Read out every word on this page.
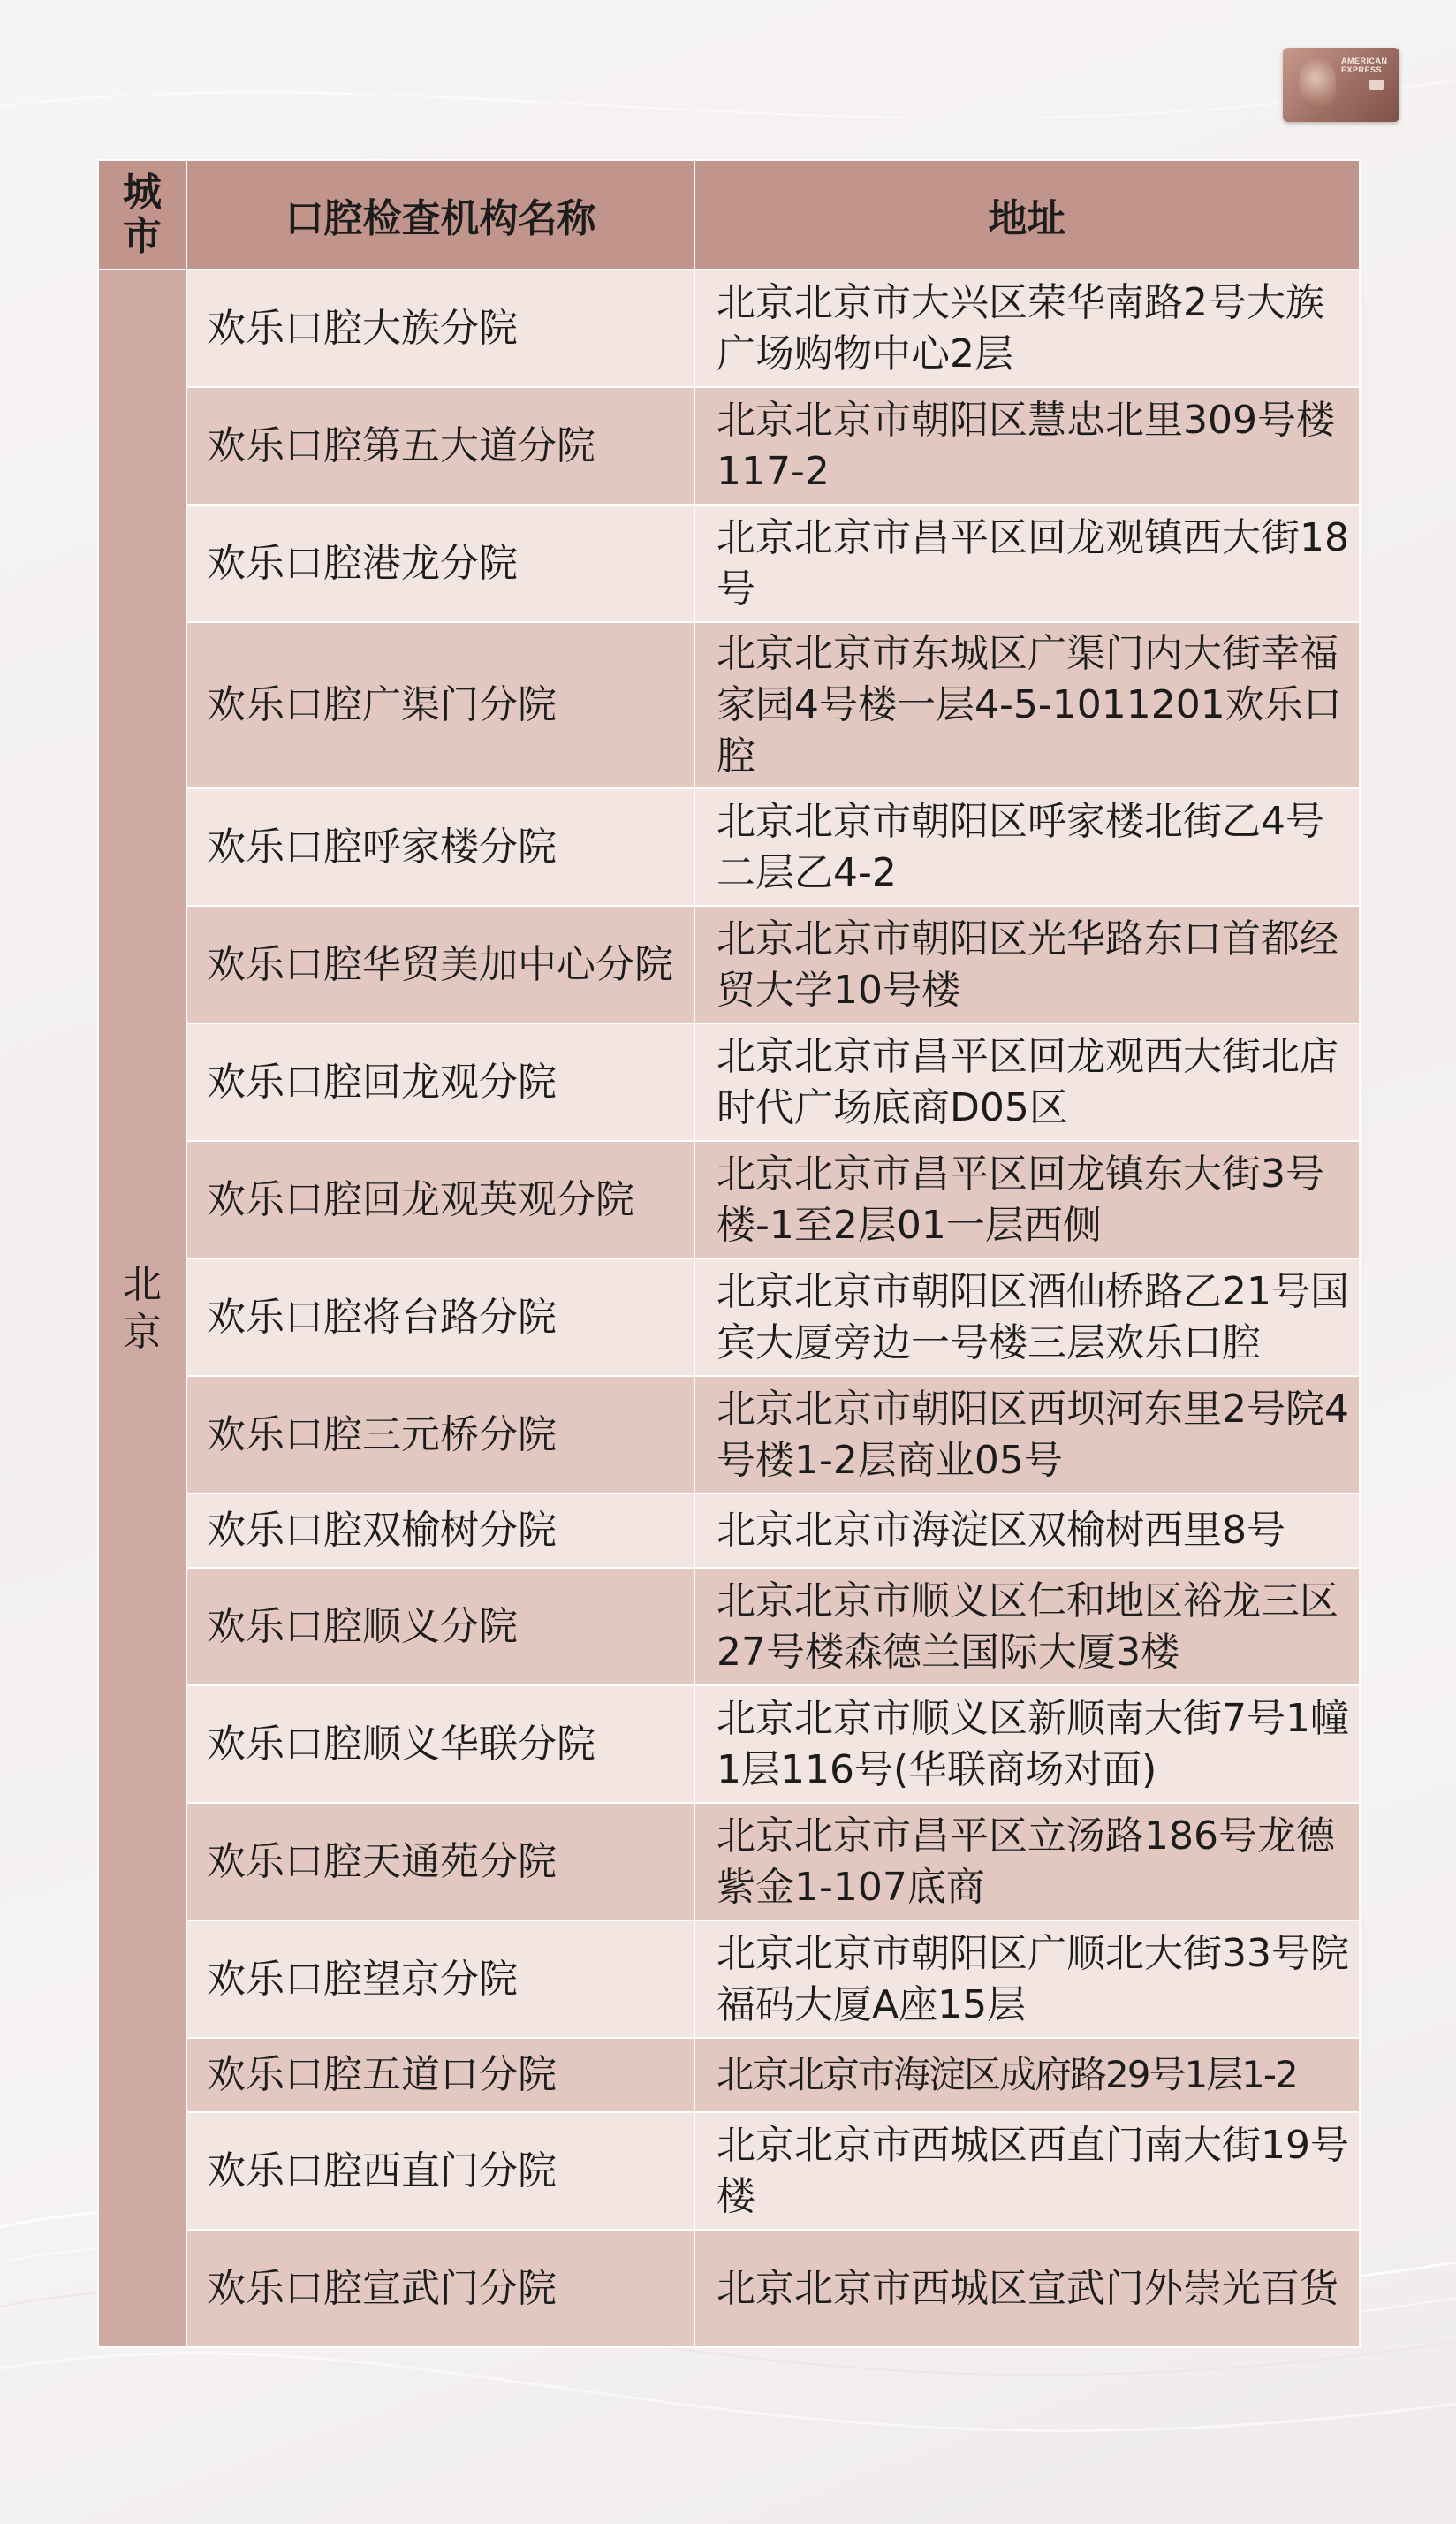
AMERICAN
EXPRESS
城市	口腔检查机构名称	地址

北京	欢乐口腔大族分院	北京北京市大兴区荣华南路2号大族广场购物中心2层
	欢乐口腔第五大道分院	北京北京市朝阳区慧忠北里309号楼117-2
	欢乐口腔港龙分院	北京北京市昌平区回龙观镇西大街18号
	欢乐口腔广渠门分院	北京北京市东城区广渠门内大街幸福家园4号楼一层4-5-1011201欢乐口腔
	欢乐口腔呼家楼分院	北京北京市朝阳区呼家楼北街乙4号二层乙4-2
	欢乐口腔华贸美加中心分院	北京北京市朝阳区光华路东口首都经贸大学10号楼
	欢乐口腔回龙观分院	北京北京市昌平区回龙观西大街北店时代广场底商D05区
	欢乐口腔回龙观英观分院	北京北京市昌平区回龙镇东大街3号楼-1至2层01一层西侧
	欢乐口腔将台路分院	北京北京市朝阳区酒仙桥路乙21号国宾大厦旁边一号楼三层欢乐口腔
	欢乐口腔三元桥分院	北京北京市朝阳区西坝河东里2号院4号楼1-2层商业05号
	欢乐口腔双榆树分院	北京北京市海淀区双榆树西里8号
	欢乐口腔顺义分院	北京北京市顺义区仁和地区裕龙三区27号楼森德兰国际大厦3楼
	欢乐口腔顺义华联分院	北京北京市顺义区新顺南大街7号1幢1层116号(华联商场对面)
	欢乐口腔天通苑分院	北京北京市昌平区立汤路186号龙德紫金1-107底商
	欢乐口腔望京分院	北京北京市朝阳区广顺北大街33号院福码大厦A座15层
	欢乐口腔五道口分院	北京北京市海淀区成府路29号1层1-2
	欢乐口腔西直门分院	北京北京市西城区西直门南大街19号楼
	欢乐口腔宣武门分院	北京北京市西城区宣武门外崇光百货
